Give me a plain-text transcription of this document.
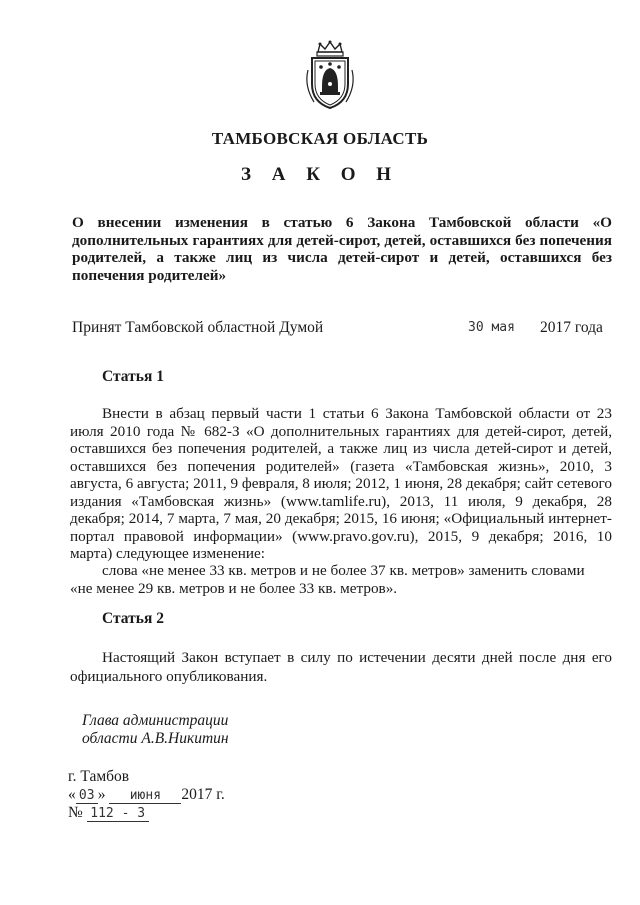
ТАМБОВСКАЯ ОБЛАСТЬ
З А К О Н
О внесении изменения в статью 6 Закона Тамбовской области «О дополнительных гарантиях для детей-сирот, детей, оставшихся без попечения родителей, а также лиц из числа детей-сирот и детей, оставшихся без попечения родителей»
Принят Тамбовской областной Думой	30 мая 2017 года
Статья 1
Внести в абзац первый части 1 статьи 6 Закона Тамбовской области от 23 июля 2010 года № 682-З «О дополнительных гарантиях для детей-сирот, детей, оставшихся без попечения родителей, а также лиц из числа детей-сирот и детей, оставшихся без попечения родителей» (газета «Тамбовская жизнь», 2010, 3 августа, 6 августа; 2011, 9 февраля, 8 июля; 2012, 1 июня, 28 декабря; сайт сетевого издания «Тамбовская жизнь» (www.tamlife.ru), 2013, 11 июля, 9 декабря, 28 декабря; 2014, 7 марта, 7 мая, 20 декабря; 2015, 16 июня; «Официальный интернет-портал правовой информации» (www.pravo.gov.ru), 2015, 9 декабря; 2016, 10 марта) следующее изменение:
слова «не менее 33 кв. метров и не более 37 кв. метров» заменить словами
«не менее 29 кв. метров и не более 33 кв. метров».
Статья 2
Настоящий Закон вступает в силу по истечении десяти дней после дня его официального опубликования.
Глава администрации
области А.В.Никитин
г. Тамбов
« 03 » июня 2017 г.
№ 112 - 3
